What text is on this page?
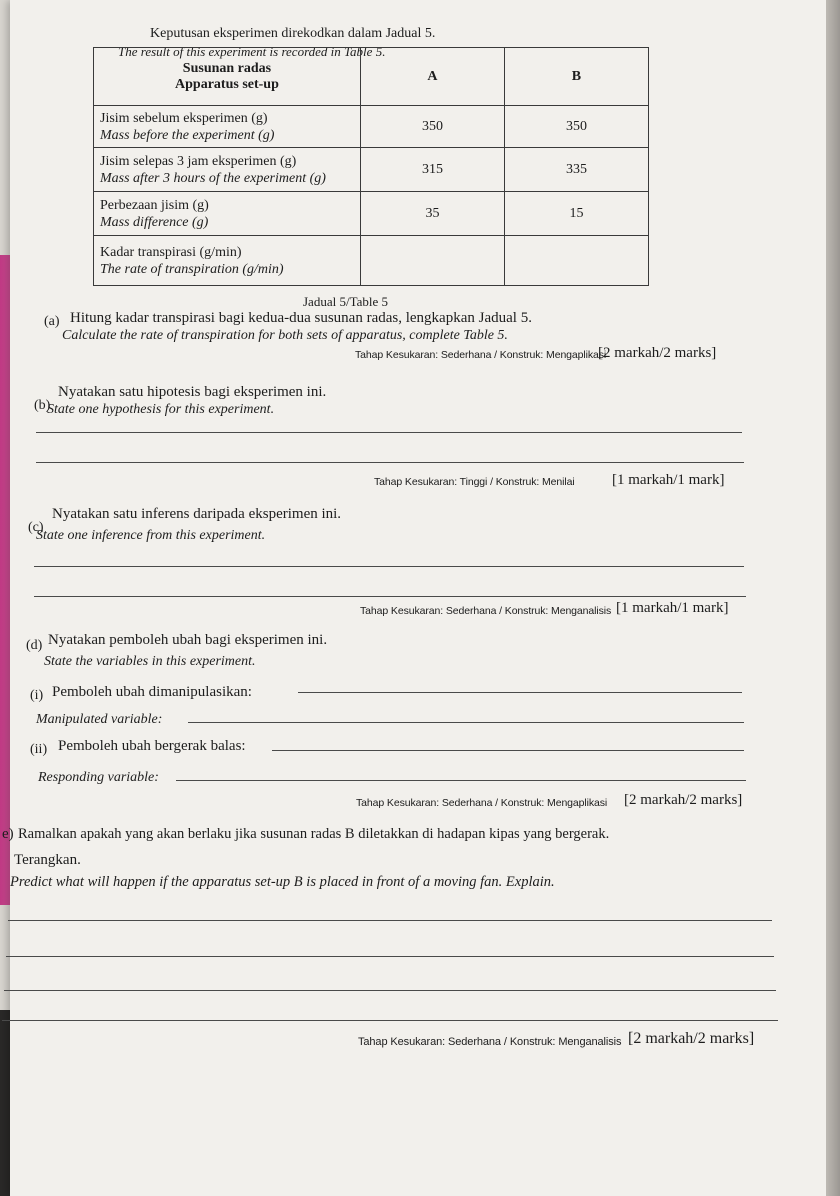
Keputusan eksperimen direkodkan dalam Jadual 5.
The result of this experiment is recorded in Table 5.
Susunan radas
Apparatus set-up	A	B

Jisim sebelum eksperimen (g)
Mass before the experiment (g)	350	350

Jisim selepas 3 jam eksperimen (g)
Mass after 3 hours of the experiment (g)	315	335

Perbezaan jisim (g)
Mass difference (g)	35	15

Kadar transpirasi (g/min)
The rate of transpiration (g/min)		

Jadual 5/Table 5
(a) Hitung kadar transpirasi bagi kedua-dua susunan radas, lengkapkan Jadual 5.
Calculate the rate of transpiration for both sets of apparatus, complete Table 5.
Tahap Kesukaran: Sederhana / Konstruk: Mengaplikasi
[2 markah/2 marks]
(b)
Nyatakan satu hipotesis bagi eksperimen ini.
State one hypothesis for this experiment.
Tahap Kesukaran: Tinggi / Konstruk: Menilai [1 markah/1 mark]
(c)
Nyatakan satu inferens daripada eksperimen ini.
State one inference from this experiment.
Tahap Kesukaran: Sederhana / Konstruk: Menganalisis [1 markah/1 mark]
(d) Nyatakan pemboleh ubah bagi eksperimen ini.
State the variables in this experiment.
(i) Pemboleh ubah dimanipulasikan:
Manipulated variable:
(ii) Pemboleh ubah bergerak balas:
Responding variable:
Tahap Kesukaran: Sederhana / Konstruk: Mengaplikasi [2 markah/2 marks]
e) Ramalkan apakah yang akan berlaku jika susunan radas B diletakkan di hadapan kipas yang bergerak.
Terangkan.
Predict what will happen if the apparatus set-up B is placed in front of a moving fan. Explain.
Tahap Kesukaran: Sederhana / Konstruk: Menganalisis [2 markah/2 marks]
